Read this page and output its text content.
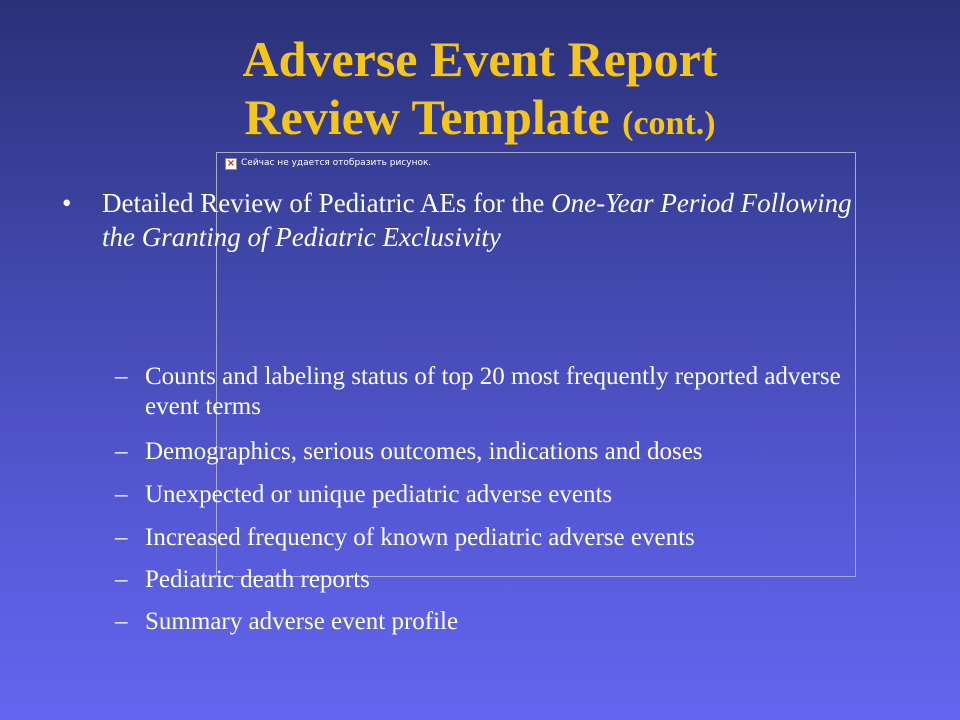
Adverse Event Report
Review Template (cont.)
× Сейчас не удается отобразить рисунок.
• Detailed Review of Pediatric AEs for the One-Year Period Following the Granting of Pediatric Exclusivity
– Counts and labeling status of top 20 most frequently reported adverse event terms
– Demographics, serious outcomes, indications and doses
– Unexpected or unique pediatric adverse events
– Increased frequency of known pediatric adverse events
– Pediatric death reports
– Summary adverse event profile
